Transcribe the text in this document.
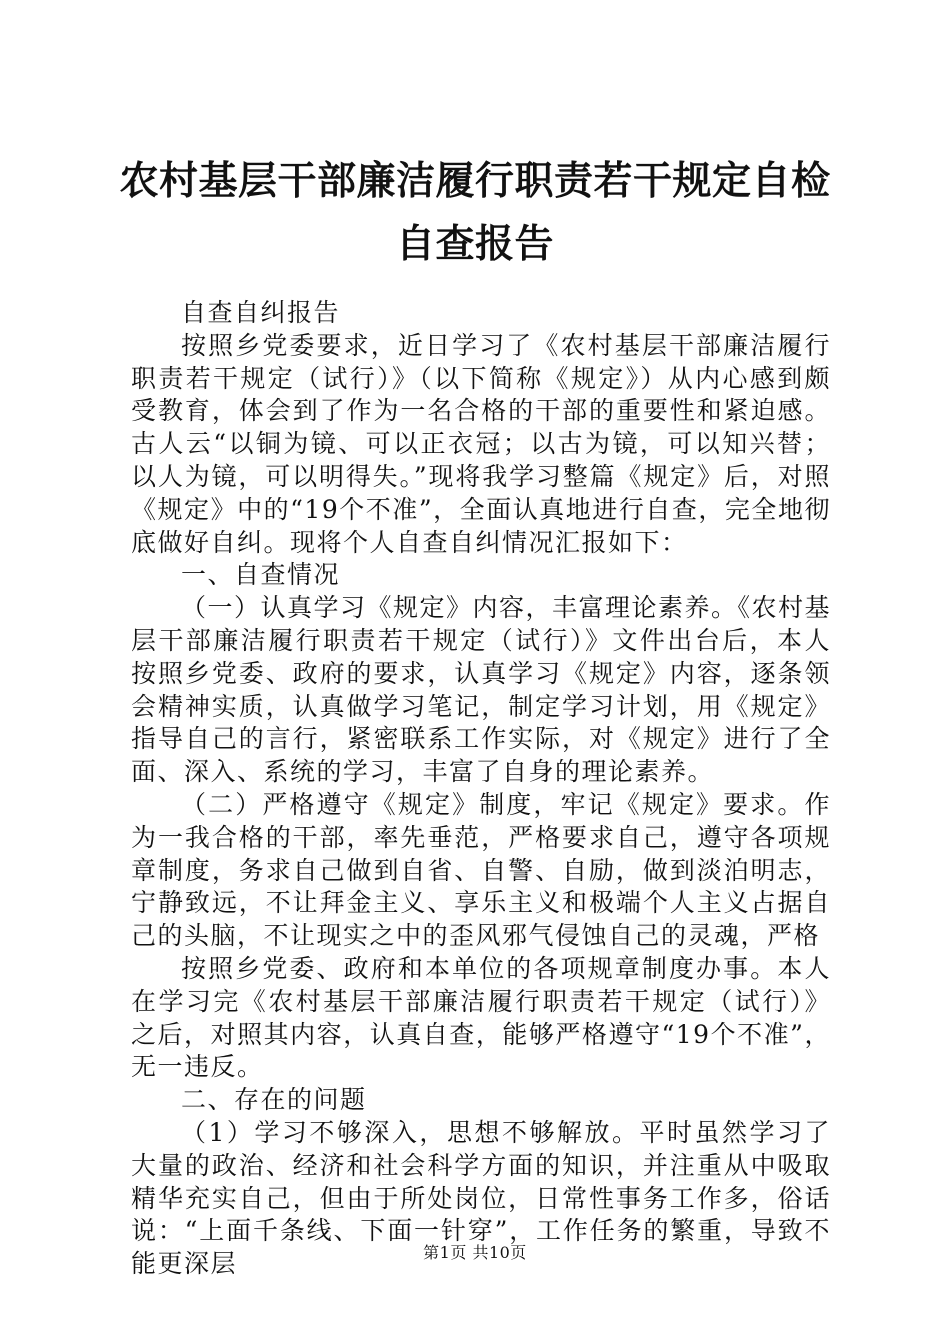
农村基层干部廉洁履行职责若干规定自检自查报告

自查自纠报告

按照乡党委要求，近日学习了《农村基层干部廉洁履行职责若干规定（试行）》（以下简称《规定》）从内心感到颇受教育，体会到了作为一名合格的干部的重要性和紧迫感。古人云“以铜为镜、可以正衣冠；以古为镜，可以知兴替；以人为镜，可以明得失。”现将我学习整篇《规定》后，对照《规定》中的“19个不准”，全面认真地进行自查，完全地彻底做好自纠。现将个人自查自纠情况汇报如下：

一、自查情况

（一）认真学习《规定》内容，丰富理论素养。《农村基层干部廉洁履行职责若干规定（试行）》文件出台后，本人按照乡党委、政府的要求，认真学习《规定》内容，逐条领会精神实质，认真做学习笔记，制定学习计划，用《规定》指导自己的言行，紧密联系工作实际，对《规定》进行了全面、深入、系统的学习，丰富了自身的理论素养。

（二）严格遵守《规定》制度，牢记《规定》要求。作为一我合格的干部，率先垂范，严格要求自己，遵守各项规章制度，务求自己做到自省、自警、自励，做到淡泊明志，宁静致远，不让拜金主义、享乐主义和极端个人主义占据自己的头脑，不让现实之中的歪风邪气侵蚀自己的灵魂，严格

按照乡党委、政府和本单位的各项规章制度办事。本人在学习完《农村基层干部廉洁履行职责若干规定（试行）》之后，对照其内容，认真自查，能够严格遵守“19个不准”，无一违反。

二、存在的问题

（1）学习不够深入，思想不够解放。平时虽然学习了大量的政治、经济和社会科学方面的知识，并注重从中吸取精华充实自己，但由于所处岗位，日常性事务工作多，俗话说：“上面千条线、下面一针穿”，工作任务的繁重，导致不能更深层	第1页 共10页
